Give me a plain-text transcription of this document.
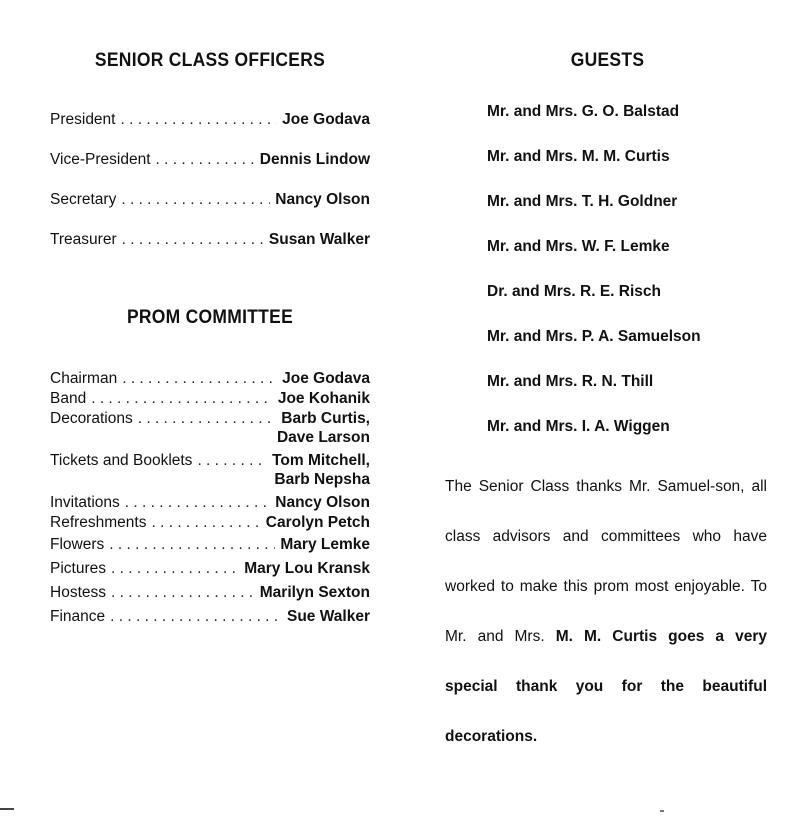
SENIOR CLASS OFFICERS
President . . .	Joe Godava
Vice-President . . .	Dennis Lindow
Secretary . . .	Nancy Olson
Treasurer . . .	Susan Walker
PROM COMMITTEE
Chairman . . .	Joe Godava
Band . . .	Joe Kohanik
Decorations . . .	Barb Curtis,
Dave Larson
Tickets and Booklets . . .	Tom Mitchell,
Barb Nepsha
Invitations . . .	Nancy Olson
Refreshments . . .	Carolyn Petch
Flowers . . .	Mary Lemke
Pictures . . .	Mary Lou Kransk
Hostess . . .	Marilyn Sexton
Finance . . .	Sue Walker
GUESTS
Mr. and Mrs. G. O. Balstad
Mr. and Mrs. M. M. Curtis
Mr. and Mrs. T. H. Goldner
Mr. and Mrs. W. F. Lemke
Dr. and Mrs. R. E. Risch
Mr. and Mrs. P. A. Samuelson
Mr. and Mrs. R. N. Thill
Mr. and Mrs. I. A. Wiggen

The Senior Class thanks Mr. Samuel-son, all class advisors and committees who have worked to make this prom most enjoyable. To Mr. and Mrs. M. M. Curtis goes a very special thank you for the beautiful decorations.
